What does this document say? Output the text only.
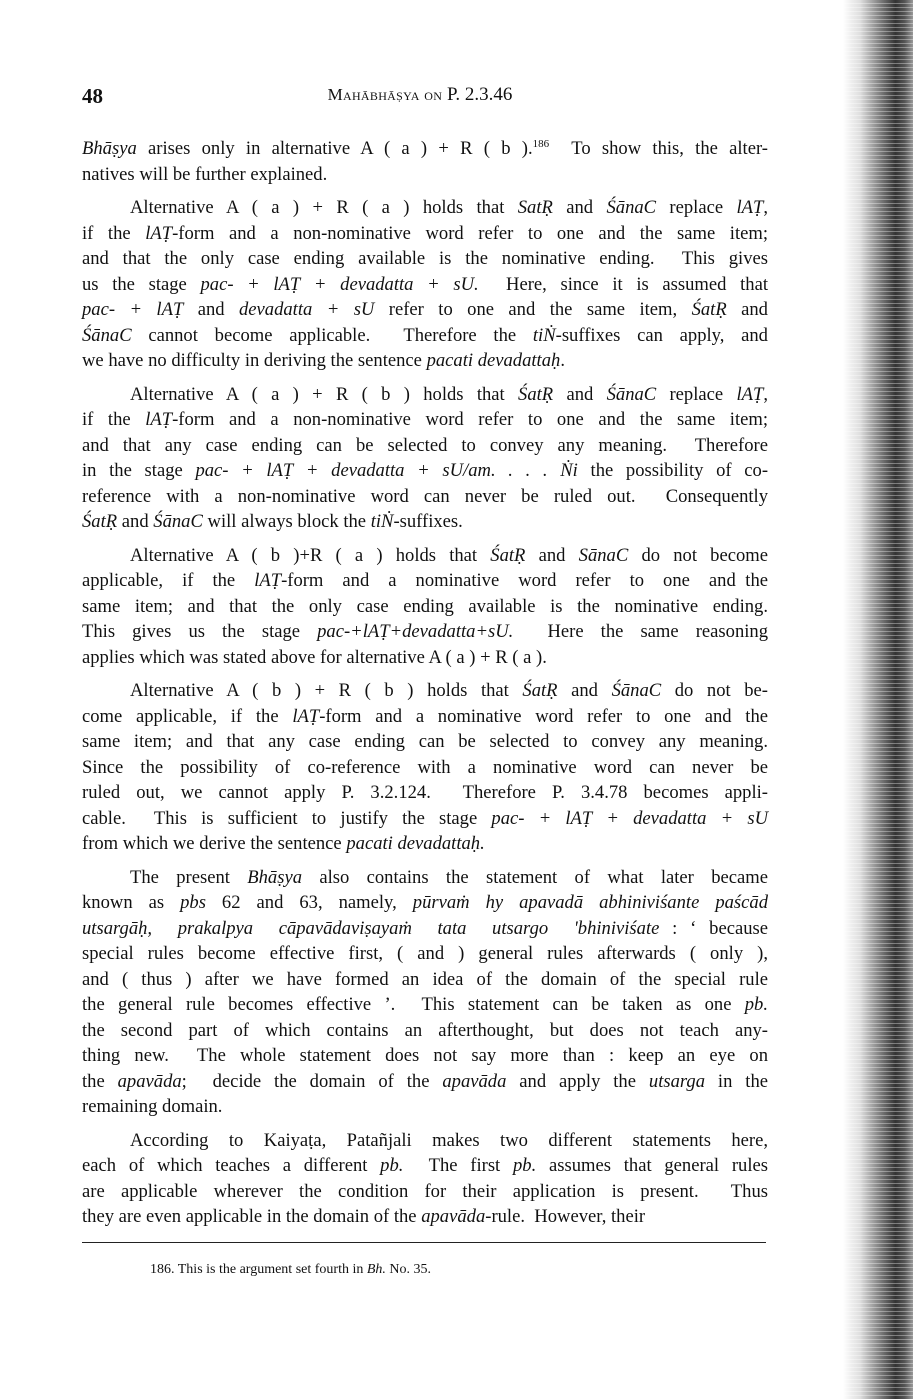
48	Mahābhāṣya on P. 2.3.46
Bhāṣya arises only in alternative A ( a ) + R ( b ).$^{186}$  To show this, the alter-
natives will be further explained.
Alternative A ( a ) + R ( a ) holds that SatṚ and ŚānaC replace lAṬ,
if the lAṬ-form and a non-nominative word refer to one and the same item;
and that the only case ending available is the nominative ending.  This gives
us the stage pac- + lAṬ + devadatta + sU.  Here, since it is assumed that
pac- + lAṬ and devadatta + sU refer to one and the same item, ŚatṚ and
ŚānaC cannot become applicable.  Therefore the tiṄ-suffixes can apply, and
we have no difficulty in deriving the sentence pacati devadattaḥ.
Alternative A ( a ) + R ( b ) holds that ŚatṚ and ŚānaC replace lAṬ,
if the lAṬ-form and a non-nominative word refer to one and the same item;
and that any case ending can be selected to convey any meaning.  Therefore
in the stage pac- + lAṬ + devadatta + sU/am. . . . Ṅi the possibility of co-
reference with a non-nominative word can never be ruled out.  Consequently
ŚatṚ and ŚānaC will always block the tiṄ-suffixes.
Alternative A ( b )+R ( a ) holds that ŚatṚ and SānaC do not become
applicable,  if  the  lAṬ-form  and  a  nominative  word  refer  to  one  and the
same item; and that the only case ending available is the nominative ending.
This gives us the stage pac-+lAṬ+devadatta+sU.  Here the same reasoning
applies which was stated above for alternative A ( a ) + R ( a ).
Alternative A ( b ) + R ( b ) holds that ŚatṚ and ŚānaC do not be-
come applicable, if the lAṬ-form and a nominative word refer to one and the
same item; and that any case ending can be selected to convey any meaning.
Since the possibility of co-reference with a nominative word can never be
ruled out, we cannot apply P. 3.2.124.  Therefore P. 3.4.78 becomes appli-
cable.  This is sufficient to justify the stage pac- + lAṬ + devadatta + sU
from which we derive the sentence pacati devadattaḥ.
The present Bhāṣya also contains the statement of what later became
known as pbs 62 and 63, namely, pūrvaṁ hy apavadā abhiniviśante paścād
utsargāḥ,  prakalpya  cāpavādaviṣayaṁ  tata  utsargo  'bhiniviśate : ‘ because
special rules become effective first, ( and ) general rules afterwards ( only ),
and ( thus ) after we have formed an idea of the domain of the special rule
the general rule becomes effective ’.  This statement can be taken as one pb.
the second part of which contains an afterthought, but does not teach any-
thing new.  The whole statement does not say more than : keep an eye on
the apavāda;  decide the domain of the apavāda and apply the utsarga in the
remaining domain.
According to Kaiyaṭa, Patañjali makes two different statements here,
each of which teaches a different pb.  The first pb. assumes that general rules
are applicable wherever the condition for their application is present.  Thus
they are even applicable in the domain of the apavāda-rule.  However, their
186. This is the argument set fourth in Bh. No. 35.
